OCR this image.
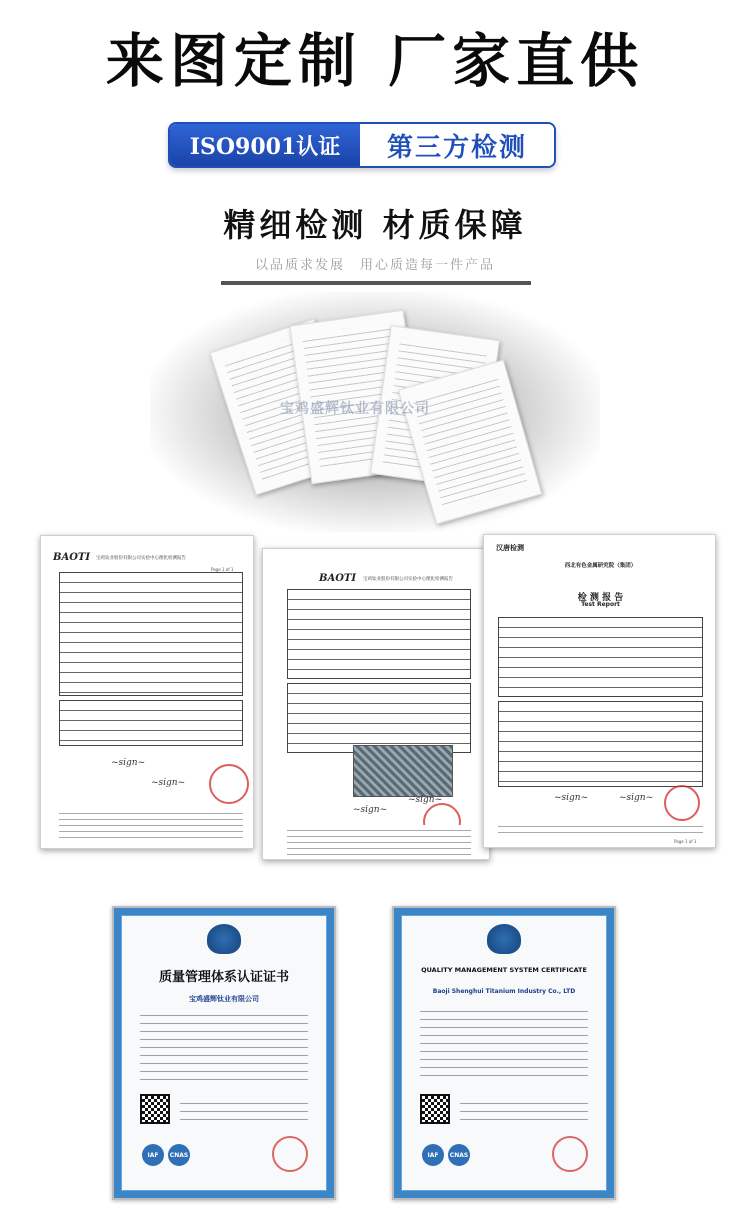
来图定制 厂家直供
ISO9001认证	第三方检测
精细检测 材质保障
以品质求发展　用心质造每一件产品
宝鸡盛辉钛业有限公司
BAOTI 宝鸡钛业股份有限公司实验中心理化检测报告
Page 1 of 1
~sign~
~sign~
BAOTI 宝鸡钛业股份有限公司实验中心理化检测报告
~sign~
~sign~
汉唐检测
西北有色金属研究院（集团）
检 测 报 告
Test Report
~sign~	~sign~
Page 1 of 1
质量管理体系认证证书
宝鸡盛辉钛业有限公司
IAF	CNAS
QUALITY MANAGEMENT SYSTEM CERTIFICATE
Baoji Shenghui Titanium Industry Co., LTD
IAF	CNAS
